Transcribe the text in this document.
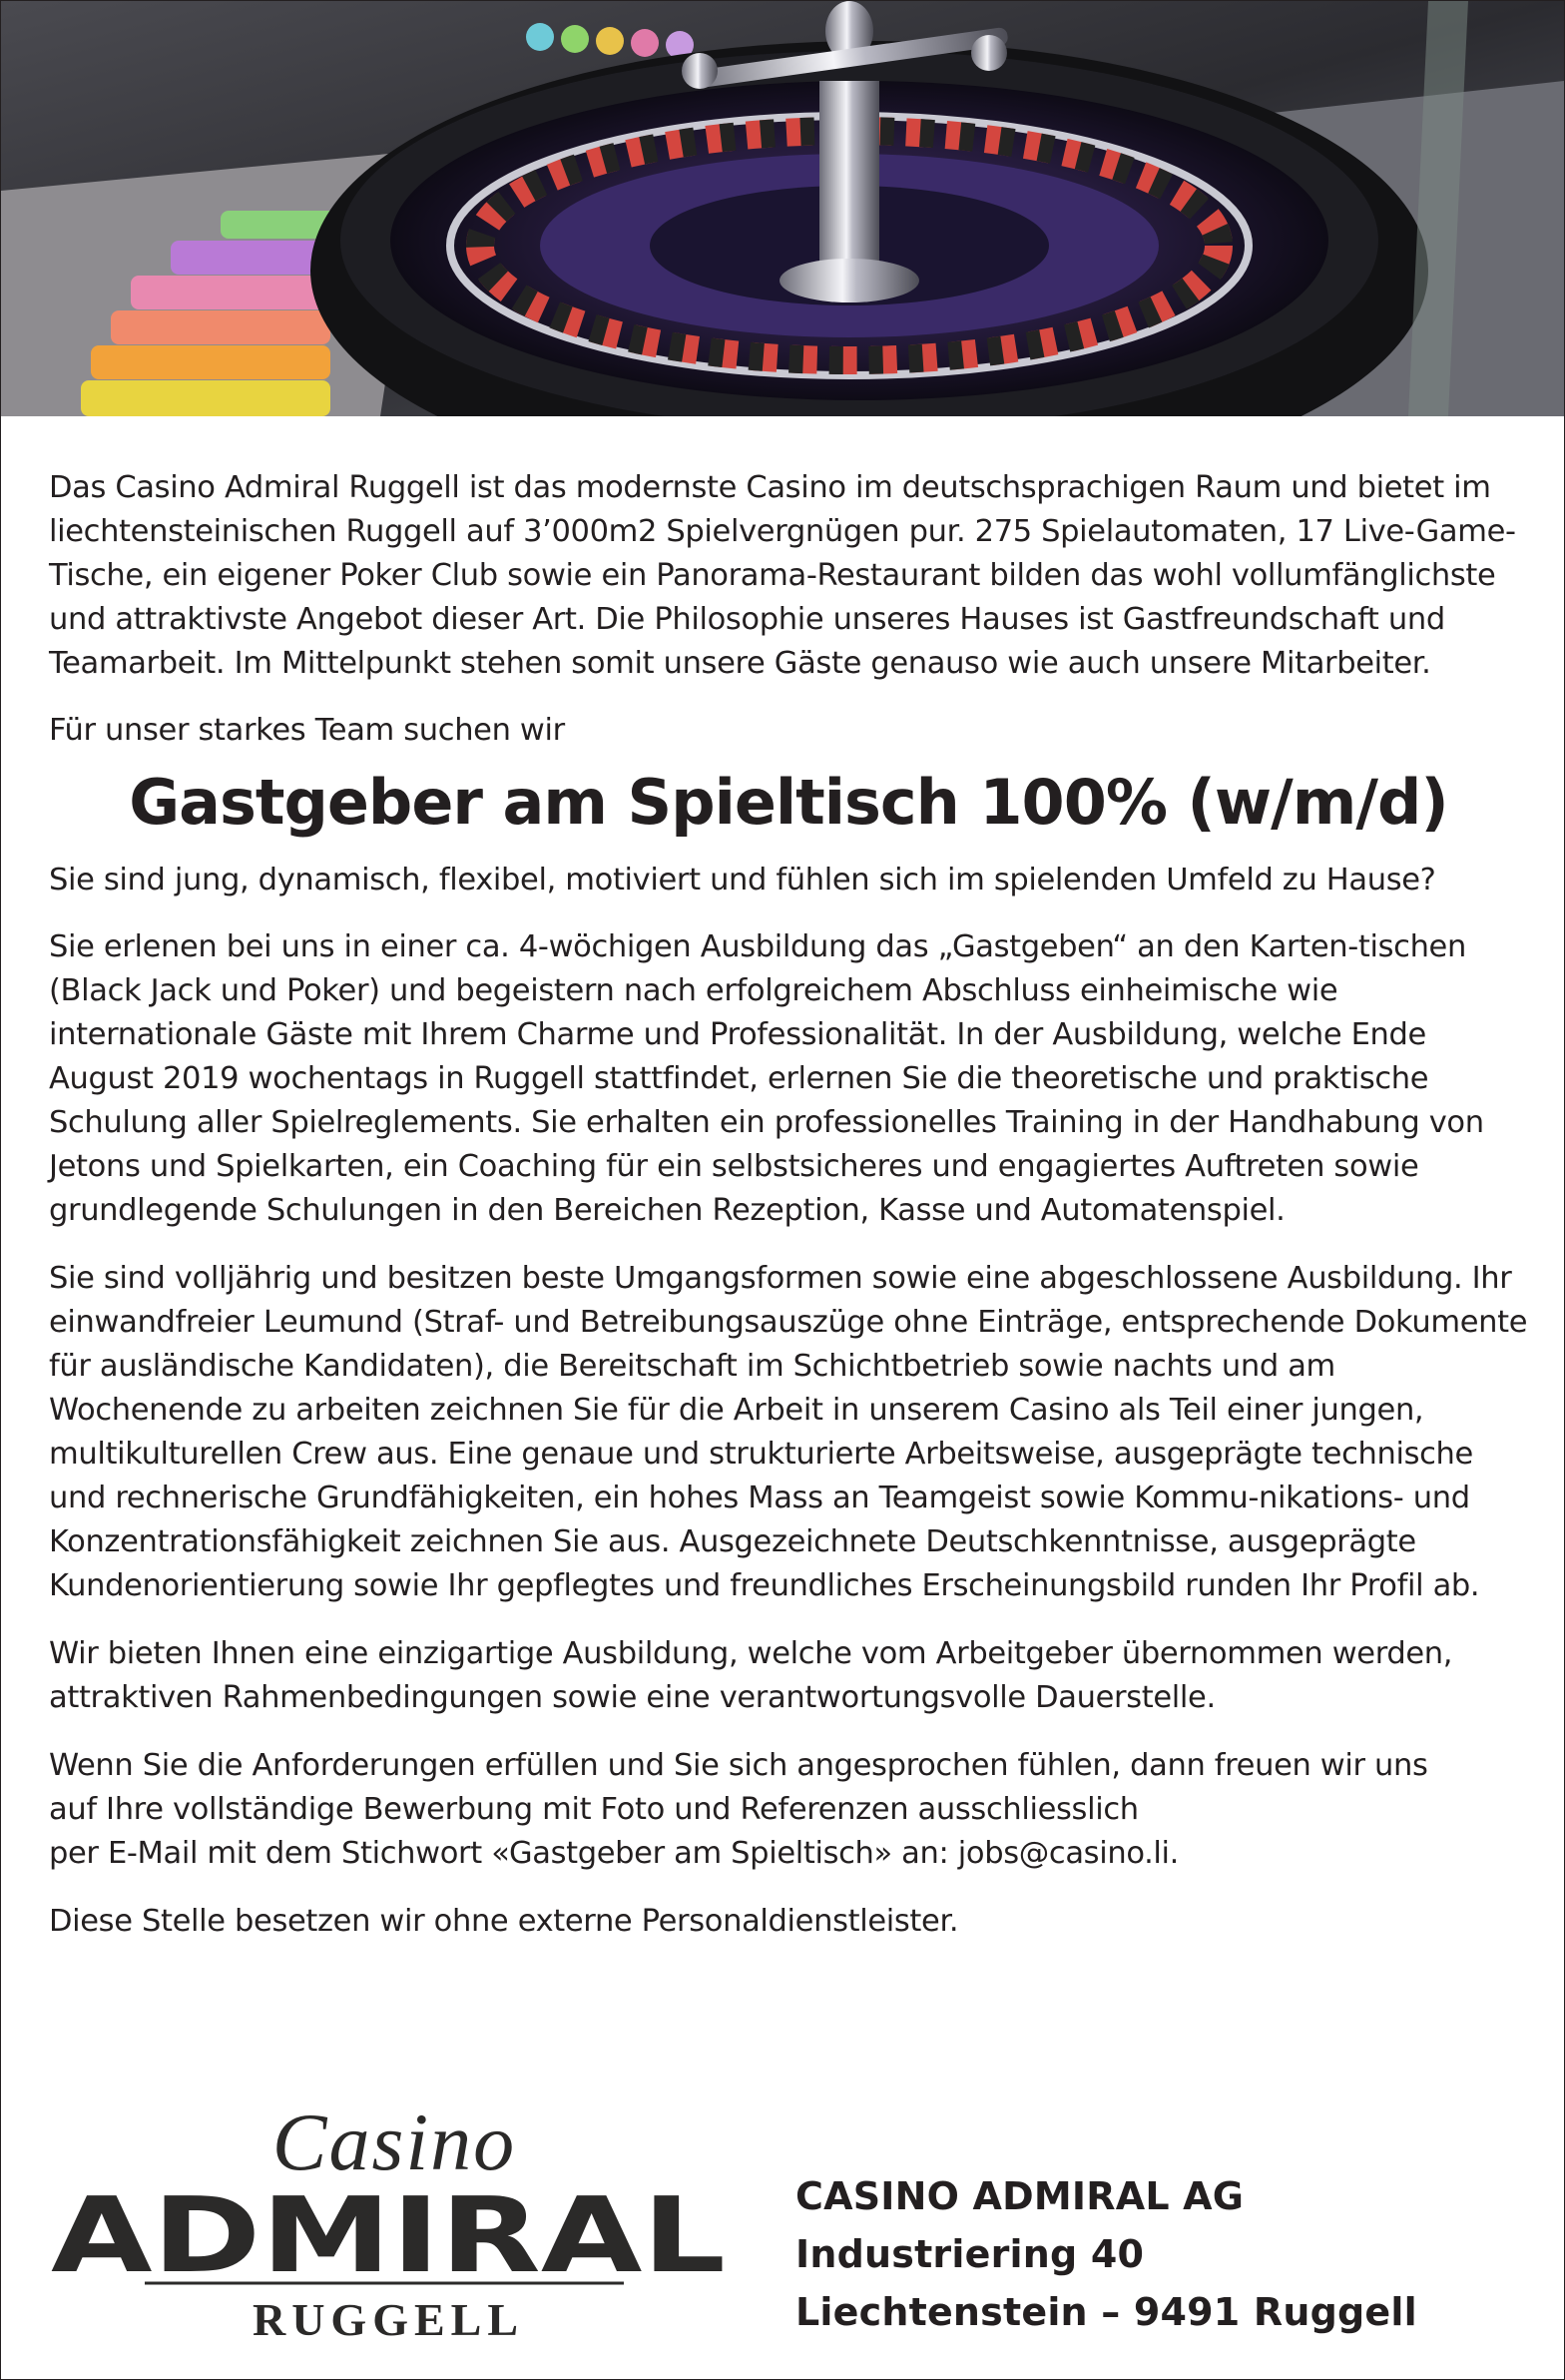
Das Casino Admiral Ruggell ist das modernste Casino im deutschsprachigen Raum und bietet im liechtensteinischen Ruggell auf 3’000m2 Spielvergnügen pur. 275 Spielautomaten, 17 Live-Game-Tische, ein eigener Poker Club sowie ein Panorama-Restaurant bilden das wohl vollumfänglichste und attraktivste Angebot dieser Art. Die Philosophie unseres Hauses ist Gastfreundschaft und Teamarbeit. Im Mittelpunkt stehen somit unsere Gäste genauso wie auch unsere Mitarbeiter.

Für unser starkes Team suchen wir

Gastgeber am Spieltisch 100% (w/m/d)

Sie sind jung, dynamisch, flexibel, motiviert und fühlen sich im spielenden Umfeld zu Hause?

Sie erlenen bei uns in einer ca. 4-wöchigen Ausbildung das „Gastgeben“ an den Karten-tischen (Black Jack und Poker) und begeistern nach erfolgreichem Abschluss einheimische wie internationale Gäste mit Ihrem Charme und Professionalität. In der Ausbildung, welche Ende August 2019 wochentags in Ruggell stattfindet, erlernen Sie die theoretische und praktische Schulung aller Spielreglements. Sie erhalten ein professionelles Training in der Handhabung von Jetons und Spielkarten, ein Coaching für ein selbstsicheres und engagiertes Auftreten sowie grundlegende Schulungen in den Bereichen Rezeption, Kasse und Automatenspiel.

Sie sind volljährig und besitzen beste Umgangsformen sowie eine abgeschlossene Ausbildung. Ihr einwandfreier Leumund (Straf- und Betreibungsauszüge ohne Einträge, entsprechende Dokumente für ausländische Kandidaten), die Bereitschaft im Schichtbetrieb sowie nachts und am Wochenende zu arbeiten zeichnen Sie für die Arbeit in unserem Casino als Teil einer jungen, multikulturellen Crew aus. Eine genaue und strukturierte Arbeitsweise, ausgeprägte technische und rechnerische Grundfähigkeiten, ein hohes Mass an Teamgeist sowie Kommu-nikations- und Konzentrationsfähigkeit zeichnen Sie aus. Ausgezeichnete Deutschkenntnisse, ausgeprägte Kundenorientierung sowie Ihr gepflegtes und freundliches Erscheinungsbild runden Ihr Profil ab.

Wir bieten Ihnen eine einzigartige Ausbildung, welche vom Arbeitgeber übernommen werden, attraktiven Rahmenbedingungen sowie eine verantwortungsvolle Dauerstelle.

Wenn Sie die Anforderungen erfüllen und Sie sich angesprochen fühlen, dann freuen wir uns
auf Ihre vollständige Bewerbung mit Foto und Referenzen ausschliesslich
per E-Mail mit dem Stichwort «Gastgeber am Spieltisch» an: jobs@casino.li.

Diese Stelle besetzen wir ohne externe Personaldienstleister.

Casino
ADMIRAL
RUGGELL
CASINO ADMIRAL AG
Industriering 40
Liechtenstein – 9491 Ruggell
